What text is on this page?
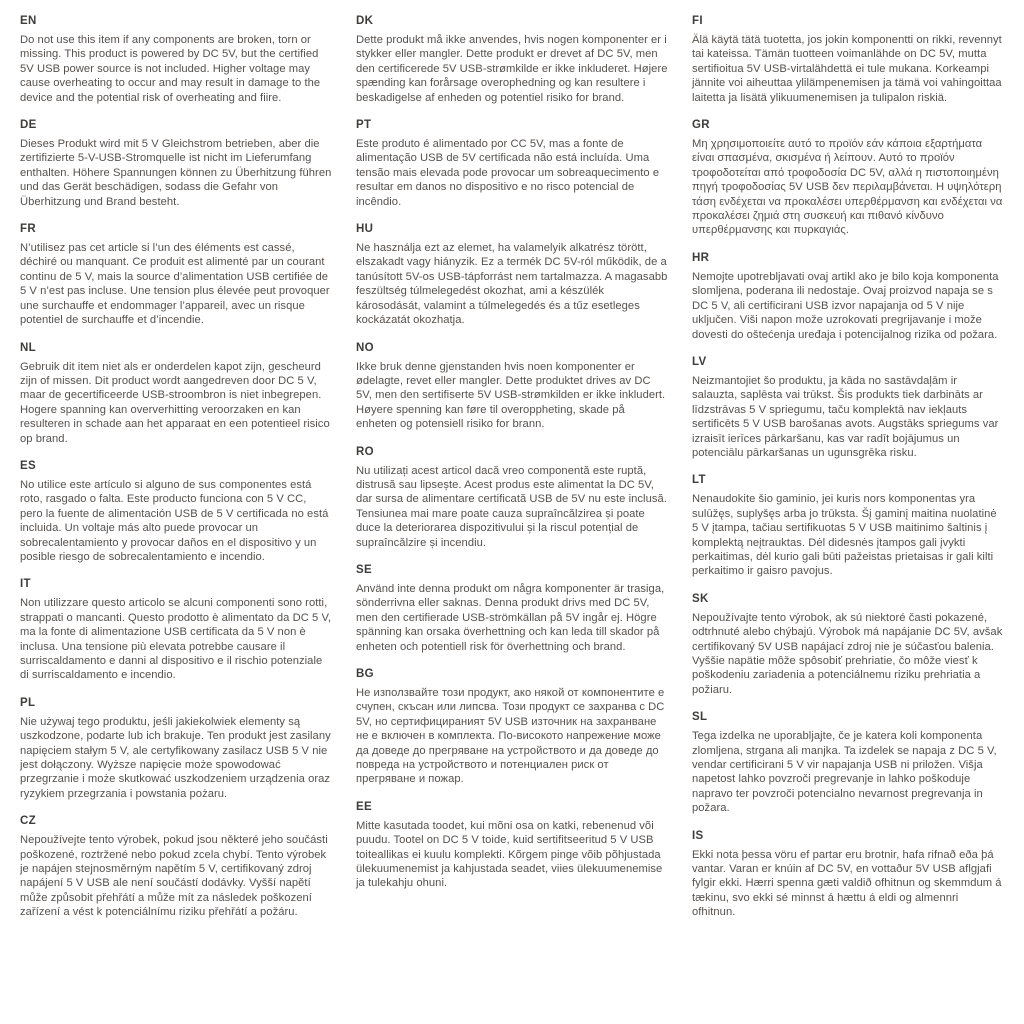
EN

Do not use this item if any components are broken, torn or missing. This product is powered by DC 5V, but the certified 5V USB power source is not included. Higher voltage may cause overheating to occur and may result in damage to the device and the potential risk of overheating and fiire.

DE

Dieses Produkt wird mit 5 V Gleichstrom betrieben, aber die zertifizierte 5-V-USB-Stromquelle ist nicht im Lieferumfang enthalten. Höhere Spannungen können zu Überhitzung führen und das Gerät beschädigen, sodass die Gefahr von Überhitzung und Brand besteht.

FR

N’utilisez pas cet article si l’un des éléments est cassé, déchiré ou manquant. Ce produit est alimenté par un courant continu de 5 V, mais la source d’alimentation USB certifiée de 5 V n’est pas incluse. Une tension plus élevée peut provoquer une surchauffe et endommager l’appareil, avec un risque potentiel de surchauffe et d’incendie.

NL

Gebruik dit item niet als er onderdelen kapot zijn, gescheurd zijn of missen. Dit product wordt aangedreven door DC 5 V, maar de gecertificeerde USB-stroombron is niet inbegrepen. Hogere spanning kan oververhitting veroorzaken en kan resulteren in schade aan het apparaat en een potentieel risico op brand.

ES

No utilice este artículo si alguno de sus componentes está roto, rasgado o falta. Este producto funciona con 5 V CC, pero la fuente de alimentación USB de 5 V certificada no está incluida. Un voltaje más alto puede provocar un sobrecalentamiento y provocar daños en el dispositivo y un posible riesgo de sobrecalentamiento e incendio.

IT

Non utilizzare questo articolo se alcuni componenti sono rotti, strappati o mancanti. Questo prodotto è alimentato da DC 5 V, ma la fonte di alimentazione USB certificata da 5 V non è inclusa. Una tensione più elevata potrebbe causare il surriscaldamento e danni al dispositivo e il rischio potenziale di surriscaldamento e incendio.

PL

Nie używaj tego produktu, jeśli jakiekolwiek elementy są uszkodzone, podarte lub ich brakuje. Ten produkt jest zasilany napięciem stałym 5 V, ale certyfikowany zasilacz USB 5 V nie jest dołączony. Wyższe napięcie może spowodować przegrzanie i może skutkować uszkodzeniem urządzenia oraz ryzykiem przegrzania i powstania pożaru.

CZ

Nepoužívejte tento výrobek, pokud jsou některé jeho součásti poškozené, roztržené nebo pokud zcela chybí. Tento výrobek je napájen stejnosměrným napětím 5 V, certifikovaný zdroj napájení 5 V USB ale není součástí dodávky. Vyšší napětí může způsobit přehřátí a může mít za následek poškození zařízení a vést k potenciálnímu riziku přehřátí a požáru.

DK

Dette produkt må ikke anvendes, hvis nogen komponenter er i stykker eller mangler. Dette produkt er drevet af DC 5V, men den certificerede 5V USB-strømkilde er ikke inkluderet. Højere spænding kan forårsage overophedning og kan resultere i beskadigelse af enheden og potentiel risiko for brand.

PT

Este produto é alimentado por CC 5V, mas a fonte de alimentação USB de 5V certificada não está incluída. Uma tensão mais elevada pode provocar um sobreaquecimento e resultar em danos no dispositivo e no risco potencial de incêndio.

HU

Ne használja ezt az elemet, ha valamelyik alkatrész törött, elszakadt vagy hiányzik. Ez a termék DC 5V-ról működik, de a tanúsított 5V-os USB-tápforrást nem tartalmazza. A magasabb feszültség túlmelegedést okozhat, ami a készülék károsodását, valamint a túlmelegedés és a tűz esetleges kockázatát okozhatja.

NO

Ikke bruk denne gjenstanden hvis noen komponenter er ødelagte, revet eller mangler. Dette produktet drives av DC 5V, men den sertifiserte 5V USB-strømkilden er ikke inkludert. Høyere spenning kan føre til overoppheting, skade på enheten og potensiell risiko for brann.

RO

Nu utilizați acest articol dacă vreo componentă este ruptă, distrusă sau lipsește. Acest produs este alimentat la DC 5V, dar sursa de alimentare certificată USB de 5V nu este inclusă. Tensiunea mai mare poate cauza supraîncălzirea și poate duce la deteriorarea dispozitivului și la riscul potențial de supraîncălzire și incendiu.

SE

Använd inte denna produkt om några komponenter är trasiga, sönderrivna eller saknas. Denna produkt drivs med DC 5V, men den certifierade USB-strömkällan på 5V ingår ej. Högre spänning kan orsaka överhettning och kan leda till skador på enheten och potentiell risk för överhettning och brand.

BG

Не използвайте този продукт, ако някой от компонентите е счупен, скъсан или липсва. Този продукт се захранва с DC 5V, но сертифицираният 5V USB източник на захранване не е включен в комплекта. По-високото напрежение може да доведе до прегряване на устройството и да доведе до повреда на устройството и потенциален риск от прегряване и пожар.

EE

Mitte kasutada toodet, kui mõni osa on katki, rebenenud või puudu. Tootel on DC 5 V toide, kuid sertifitseeritud 5 V USB toiteallikas ei kuulu komplekti. Kõrgem pinge võib põhjustada ülekuumenemist ja kahjustada seadet, viies ülekuumenemise ja tulekahju ohuni.

FI

Älä käytä tätä tuotetta, jos jokin komponentti on rikki, revennyt tai kateissa. Tämän tuotteen voimanlähde on DC 5V, mutta sertifioitua 5V USB-virtalähdettä ei tule mukana. Korkeampi jännite voi aiheuttaa ylilämpenemisen ja tämä voi vahingoittaa laitetta ja lisätä ylikuumenemisen ja tulipalon riskiä.

GR

Μη χρησιμοποιείτε αυτό το προϊόν εάν κάποια εξαρτήματα είναι σπασμένα, σκισμένα ή λείπουν. Αυτό το προϊόν τροφοδοτείται από τροφοδοσία DC 5V, αλλά η πιστοποιημένη πηγή τροφοδοσίας 5V USB δεν περιλαμβάνεται. Η υψηλότερη τάση ενδέχεται να προκαλέσει υπερθέρμανση και ενδέχεται να προκαλέσει ζημιά στη συσκευή και πιθανό κίνδυνο υπερθέρμανσης και πυρκαγιάς.

HR

Nemojte upotrebljavati ovaj artikl ako je bilo koja komponenta slomljena, poderana ili nedostaje. Ovaj proizvod napaja se s DC 5 V, ali certificirani USB izvor napajanja od 5 V nije uključen. Viši napon može uzrokovati pregrijavanje i može dovesti do oštećenja uređaja i potencijalnog rizika od požara.

LV

Neizmantojiet šo produktu, ja kāda no sastāvdaļām ir salauzta, saplēsta vai trūkst. Šis produkts tiek darbināts ar līdzstrāvas 5 V spriegumu, taču komplektā nav iekļauts sertificēts 5 V USB barošanas avots. Augstāks spriegums var izraisīt ierīces pārkaršanu, kas var radīt bojājumus un potenciālu pārkaršanas un ugunsgrēka risku.

LT

Nenaudokite šio gaminio, jei kuris nors komponentas yra sulūžęs, suplyšęs arba jo trūksta. Šį gaminį maitina nuolatinė 5 V įtampa, tačiau sertifikuotas 5 V USB maitinimo šaltinis į komplektą neįtrauktas. Dėl didesnės įtampos gali įvykti perkaitimas, dėl kurio gali būti pažeistas prietaisas ir gali kilti perkaitimo ir gaisro pavojus.

SK

Nepoužívajte tento výrobok, ak sú niektoré časti pokazené, odtrhnuté alebo chýbajú. Výrobok má napájanie DC 5V, avšak certifikovaný 5V USB napájací zdroj nie je súčasťou balenia. Vyššie napätie môže spôsobiť prehriatie, čo môže viesť k poškodeniu zariadenia a potenciálnemu riziku prehriatia a požiaru.

SL

Tega izdelka ne uporabljajte, če je katera koli komponenta zlomljena, strgana ali manjka. Ta izdelek se napaja z DC 5 V, vendar certificirani 5 V vir napajanja USB ni priložen. Višja napetost lahko povzroči pregrevanje in lahko poškoduje napravo ter povzroči potencialno nevarnost pregrevanja in požara.

IS

Ekki nota þessa vöru ef partar eru brotnir, hafa rifnað eða þá vantar. Varan er knúin af DC 5V, en vottaður 5V USB aflgjafi fylgir ekki. Hærri spenna gæti valdið ofhitnun og skemmdum á tækinu, svo ekki sé minnst á hættu á eldi og almennri ofhitnun.
